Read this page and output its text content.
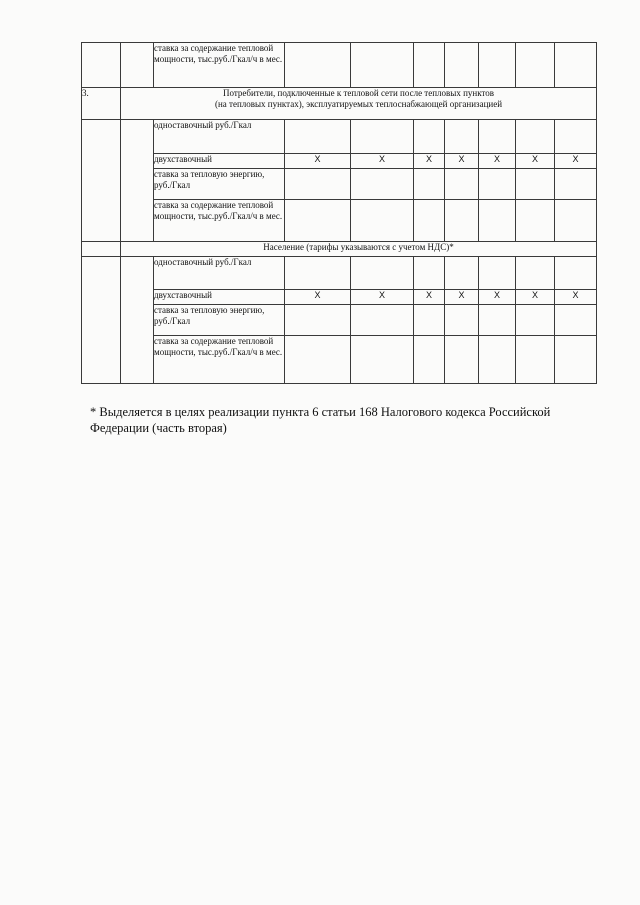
		ставка за содержание тепловой мощности, тыс.руб./Гкал/ч в мес.							
3.	Потребители, подключенные к тепловой сети после тепловых пунктов
(на тепловых пунктах), эксплуатируемых теплоснабжающей организацией								

		одноставочный руб./Гкал							
		двухставочный	X	X	X	X	X	X	X
		ставка за тепловую энергию, руб./Гкал							
		ставка за содержание тепловой мощности, тыс.руб./Гкал/ч в мес.							
	Население (тарифы указываются с учетом НДС)*								
		одноставочный руб./Гкал							
		двухставочный	X	X	X	X	X	X	X
		ставка за тепловую энергию, руб./Гкал							
		ставка за содержание тепловой мощности, тыс.руб./Гкал/ч в мес.							
* Выделяется в целях реализации пункта 6 статьи 168 Налогового кодекса Российской Федерации (часть вторая)
